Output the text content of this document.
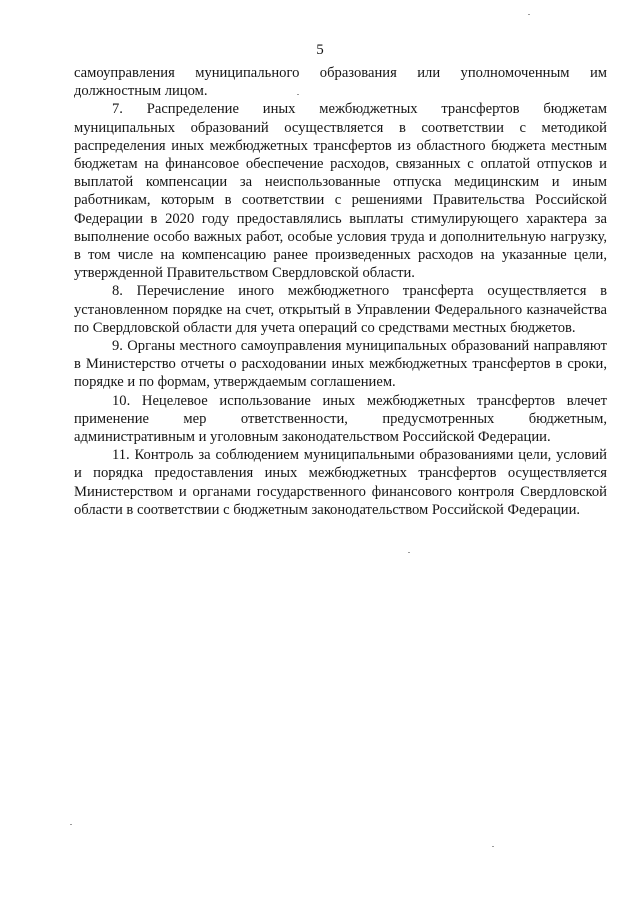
5

самоуправления муниципального образования или уполномоченным им должностным лицом.

7. Распределение иных межбюджетных трансфертов бюджетам муниципальных образований осуществляется в соответствии с методикой распределения иных межбюджетных трансфертов из областного бюджета местным бюджетам на финансовое обеспечение расходов, связанных с оплатой отпусков и выплатой компенсации за неиспользованные отпуска медицинским и иным работникам, которым в соответствии с решениями Правительства Российской Федерации в 2020 году предоставлялись выплаты стимулирующего характера за выполнение особо важных работ, особые условия труда и дополнительную нагрузку, в том числе на компенсацию ранее произведенных расходов на указанные цели, утвержденной Правительством Свердловской области.

8. Перечисление иного межбюджетного трансферта осуществляется в установленном порядке на счет, открытый в Управлении Федерального казначейства по Свердловской области для учета операций со средствами местных бюджетов.

9. Органы местного самоуправления муниципальных образований направляют в Министерство отчеты о расходовании иных межбюджетных трансфертов в сроки, порядке и по формам, утверждаемым соглашением.

10. Нецелевое использование иных межбюджетных трансфертов влечет применение мер ответственности, предусмотренных бюджетным, административным и уголовным законодательством Российской Федерации.

11. Контроль за соблюдением муниципальными образованиями цели, условий и порядка предоставления иных межбюджетных трансфертов осуществляется Министерством и органами государственного финансового контроля Свердловской области в соответствии с бюджетным законодательством Российской Федерации.
